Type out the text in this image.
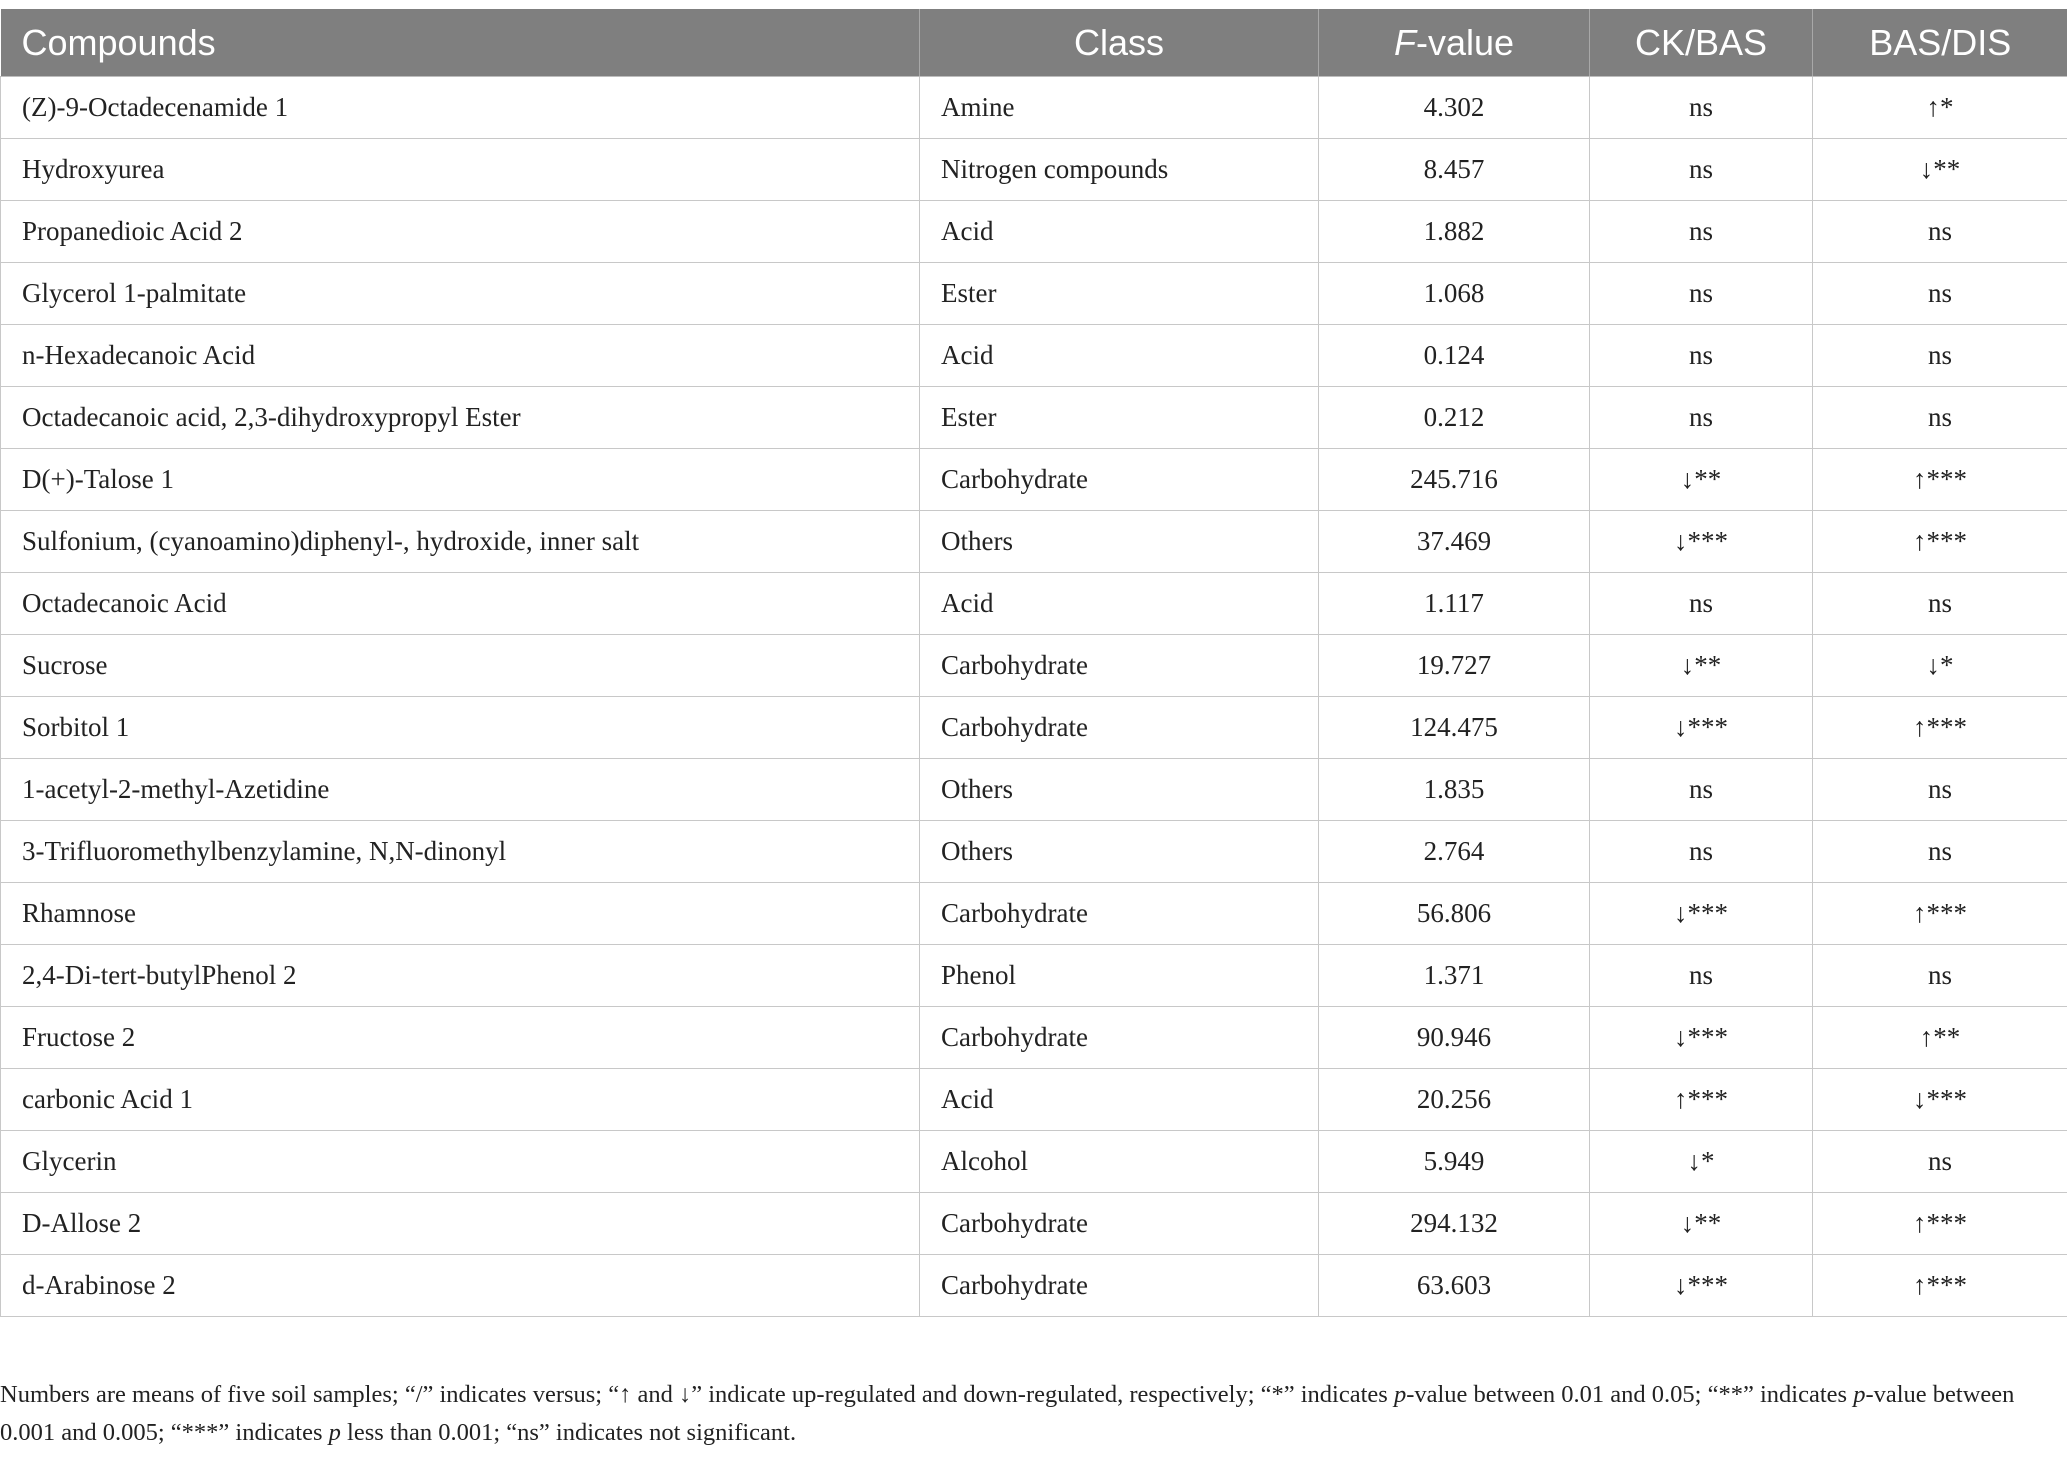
Compounds	Class	F-value	CK/BAS	BAS/DIS
(Z)-9-Octadecenamide 1	Amine	4.302	ns	↑*
Hydroxyurea	Nitrogen compounds	8.457	ns	↓**
Propanedioic Acid 2	Acid	1.882	ns	ns
Glycerol 1-palmitate	Ester	1.068	ns	ns
n-Hexadecanoic Acid	Acid	0.124	ns	ns
Octadecanoic acid, 2,3-dihydroxypropyl Ester	Ester	0.212	ns	ns
D(+)-Talose 1	Carbohydrate	245.716	↓**	↑***
Sulfonium, (cyanoamino)diphenyl-, hydroxide, inner salt	Others	37.469	↓***	↑***
Octadecanoic Acid	Acid	1.117	ns	ns
Sucrose	Carbohydrate	19.727	↓**	↓*
Sorbitol 1	Carbohydrate	124.475	↓***	↑***
1-acetyl-2-methyl-Azetidine	Others	1.835	ns	ns
3-Trifluoromethylbenzylamine, N,N-dinonyl	Others	2.764	ns	ns
Rhamnose	Carbohydrate	56.806	↓***	↑***
2,4-Di-tert-butylPhenol 2	Phenol	1.371	ns	ns
Fructose 2	Carbohydrate	90.946	↓***	↑**
carbonic Acid 1	Acid	20.256	↑***	↓***
Glycerin	Alcohol	5.949	↓*	ns
D-Allose 2	Carbohydrate	294.132	↓**	↑***
d-Arabinose 2	Carbohydrate	63.603	↓***	↑***
Numbers are means of five soil samples; “/” indicates versus; “↑ and ↓” indicate up-regulated and down-regulated, respectively; “*” indicates p-value between 0.01 and 0.05; “**” indicates p-value between 0.001 and 0.005; “***” indicates p less than 0.001; “ns” indicates not significant.
